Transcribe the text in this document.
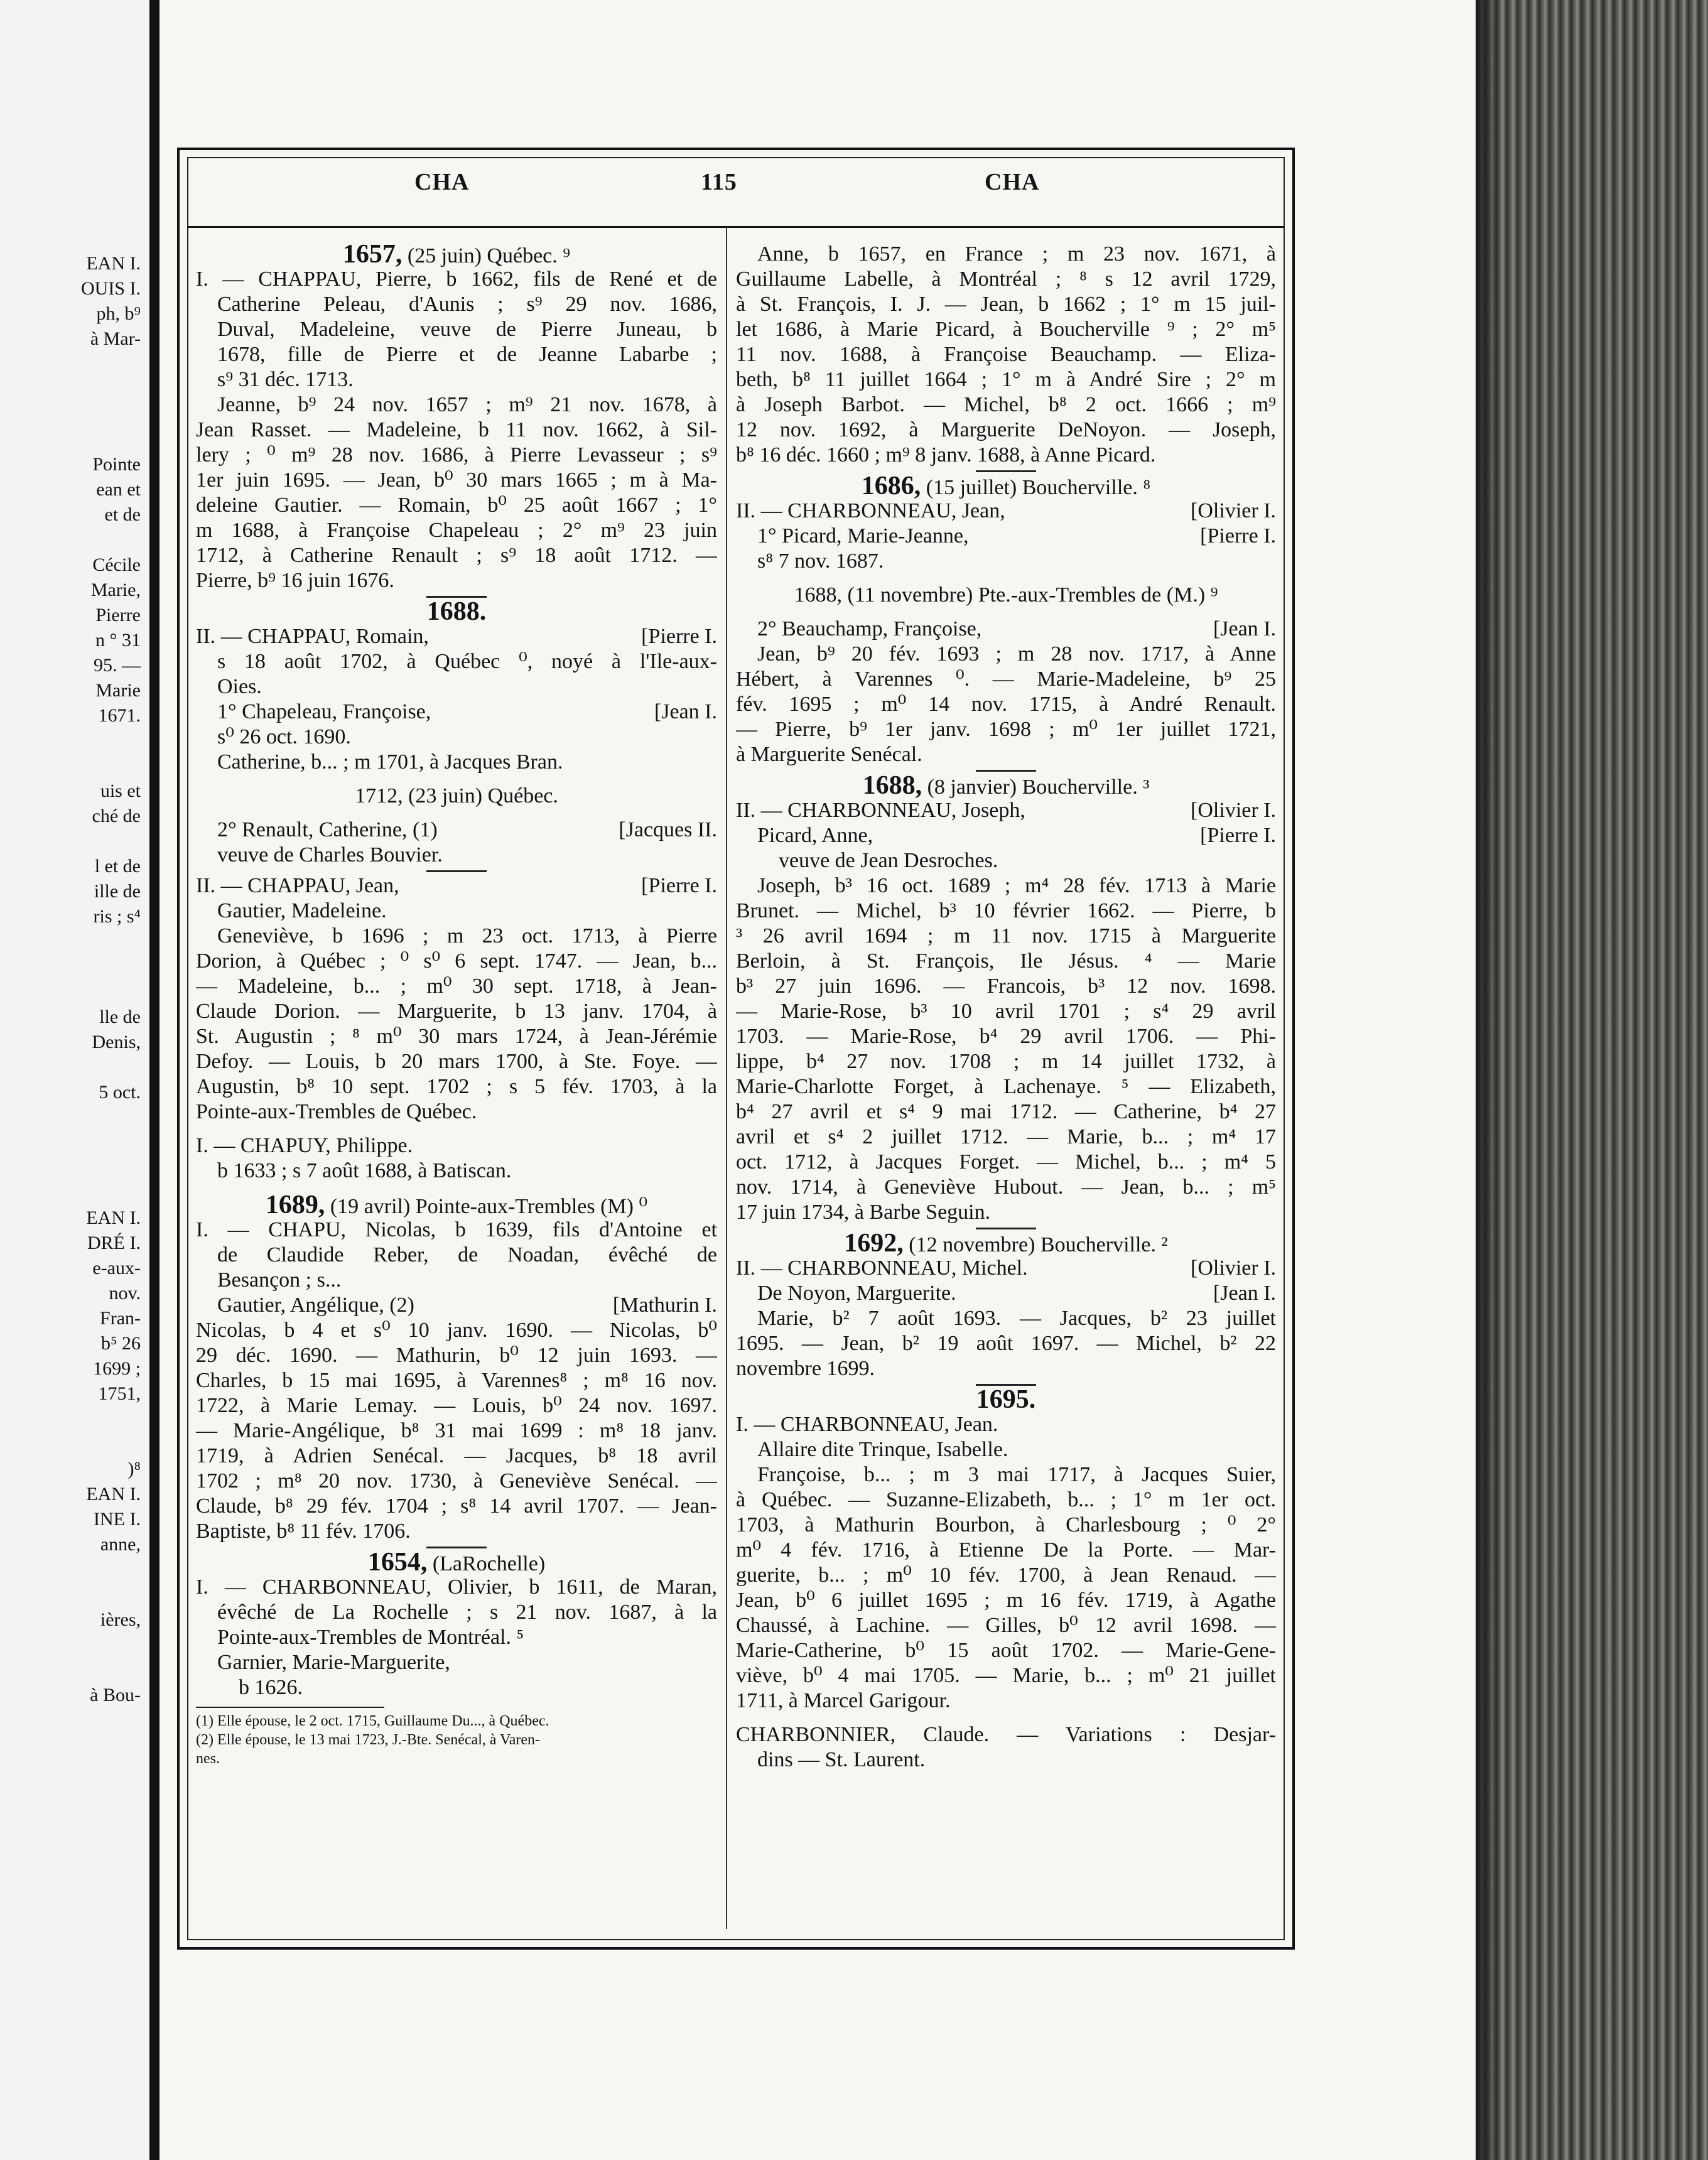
EAN I.
OUIS I.
ph, b⁹
à Mar-
Pointe
ean et
et de
Cécile
Marie,
Pierre
n ° 31
95. —
Marie
1671.
uis et
ché de
l et de
ille de
ris ; s⁴
lle de
Denis,
5 oct.
EAN I.
DRÉ I.
e-aux-
nov.
Fran-
b⁵ 26
1699 ;
1751,
)⁸
EAN I.
INE I.
anne,
ières,
à Bou-
CHA	115	CHA

1657, (25 juin) Québec. ⁹

I. — CHAPPAU, Pierre, b 1662, fils de René et de

Catherine Peleau, d'Aunis ; s⁹ 29 nov. 1686,

Duval, Madeleine, veuve de Pierre Juneau, b

1678, fille de Pierre et de Jeanne Labarbe ;

s⁹ 31 déc. 1713.

Jeanne, b⁹ 24 nov. 1657 ; m⁹ 21 nov. 1678, à

Jean Rasset. — Madeleine, b 11 nov. 1662, à Sil-

lery ; ⁰ m⁹ 28 nov. 1686, à Pierre Levasseur ; s⁹

1er juin 1695. — Jean, b⁰ 30 mars 1665 ; m à Ma-

deleine Gautier. — Romain, b⁰ 25 août 1667 ; 1°

m 1688, à Françoise Chapeleau ; 2° m⁹ 23 juin

1712, à Catherine Renault ; s⁹ 18 août 1712. —

Pierre, b⁹ 16 juin 1676.

1688.

II. — CHAPPAU, Romain,	[Pierre I.

s 18 août 1702, à Québec ⁰, noyé à l'Ile-aux-

Oies.

1° Chapeleau, Françoise,	[Jean I.

s⁰ 26 oct. 1690.

Catherine, b... ; m 1701, à Jacques Bran.

1712, (23 juin) Québec.

2° Renault, Catherine, (1)	[Jacques II.

veuve de Charles Bouvier.

II. — CHAPPAU, Jean,	[Pierre I.

Gautier, Madeleine.

Geneviève, b 1696 ; m 23 oct. 1713, à Pierre

Dorion, à Québec ; ⁰ s⁰ 6 sept. 1747. — Jean, b...

— Madeleine, b... ; m⁰ 30 sept. 1718, à Jean-

Claude Dorion. — Marguerite, b 13 janv. 1704, à

St. Augustin ; ⁸ m⁰ 30 mars 1724, à Jean-Jérémie

Defoy. — Louis, b 20 mars 1700, à Ste. Foye. —

Augustin, b⁸ 10 sept. 1702 ; s 5 fév. 1703, à la

Pointe-aux-Trembles de Québec.

I. — CHAPUY, Philippe.

b 1633 ; s 7 août 1688, à Batiscan.

1689, (19 avril) Pointe-aux-Trembles (M) ⁰

I. — CHAPU, Nicolas, b 1639, fils d'Antoine et

de Claudide Reber, de Noadan, évêché de

Besançon ; s...

Gautier, Angélique, (2)	[Mathurin I.

Nicolas, b 4 et s⁰ 10 janv. 1690. — Nicolas, b⁰

29 déc. 1690. — Mathurin, b⁰ 12 juin 1693. —

Charles, b 15 mai 1695, à Varennes⁸ ; m⁸ 16 nov.

1722, à Marie Lemay. — Louis, b⁰ 24 nov. 1697.

— Marie-Angélique, b⁸ 31 mai 1699 : m⁸ 18 janv.

1719, à Adrien Senécal. — Jacques, b⁸ 18 avril

1702 ; m⁸ 20 nov. 1730, à Geneviève Senécal. —

Claude, b⁸ 29 fév. 1704 ; s⁸ 14 avril 1707. — Jean-

Baptiste, b⁸ 11 fév. 1706.

1654, (LaRochelle)

I. — CHARBONNEAU, Olivier, b 1611, de Maran,

évêché de La Rochelle ; s 21 nov. 1687, à la

Pointe-aux-Trembles de Montréal. ⁵

Garnier, Marie-Marguerite,

b 1626.

(1) Elle épouse, le 2 oct. 1715, Guillaume Du..., à Québec.

(2) Elle épouse, le 13 mai 1723, J.-Bte. Senécal, à Varen-

nes.

Anne, b 1657, en France ; m 23 nov. 1671, à

Guillaume Labelle, à Montréal ; ⁸ s 12 avril 1729,

à St. François, I. J. — Jean, b 1662 ; 1° m 15 juil-

let 1686, à Marie Picard, à Boucherville ⁹ ; 2° m⁵

11 nov. 1688, à Françoise Beauchamp. — Eliza-

beth, b⁸ 11 juillet 1664 ; 1° m à André Sire ; 2° m

à Joseph Barbot. — Michel, b⁸ 2 oct. 1666 ; m⁹

12 nov. 1692, à Marguerite DeNoyon. — Joseph,

b⁸ 16 déc. 1660 ; m⁹ 8 janv. 1688, à Anne Picard.

1686, (15 juillet) Boucherville. ⁸

II. — CHARBONNEAU, Jean,	[Olivier I.

1° Picard, Marie-Jeanne,	[Pierre I.

s⁸ 7 nov. 1687.

1688, (11 novembre) Pte.-aux-Trembles de (M.) ⁹

2° Beauchamp, Françoise,	[Jean I.

Jean, b⁹ 20 fév. 1693 ; m 28 nov. 1717, à Anne

Hébert, à Varennes ⁰. — Marie-Madeleine, b⁹ 25

fév. 1695 ; m⁰ 14 nov. 1715, à André Renault.

— Pierre, b⁹ 1er janv. 1698 ; m⁰ 1er juillet 1721,

à Marguerite Senécal.

1688, (8 janvier) Boucherville. ³

II. — CHARBONNEAU, Joseph,	[Olivier I.

Picard, Anne,	[Pierre I.

veuve de Jean Desroches.

Joseph, b³ 16 oct. 1689 ; m⁴ 28 fév. 1713 à Marie

Brunet. — Michel, b³ 10 février 1662. — Pierre, b

³ 26 avril 1694 ; m 11 nov. 1715 à Marguerite

Berloin, à St. François, Ile Jésus. ⁴ — Marie

b³ 27 juin 1696. — Francois, b³ 12 nov. 1698.

— Marie-Rose, b³ 10 avril 1701 ; s⁴ 29 avril

1703. — Marie-Rose, b⁴ 29 avril 1706. — Phi-

lippe, b⁴ 27 nov. 1708 ; m 14 juillet 1732, à

Marie-Charlotte Forget, à Lachenaye. ⁵ — Elizabeth,

b⁴ 27 avril et s⁴ 9 mai 1712. — Catherine, b⁴ 27

avril et s⁴ 2 juillet 1712. — Marie, b... ; m⁴ 17

oct. 1712, à Jacques Forget. — Michel, b... ; m⁴ 5

nov. 1714, à Geneviève Hubout. — Jean, b... ; m⁵

17 juin 1734, à Barbe Seguin.

1692, (12 novembre) Boucherville. ²

II. — CHARBONNEAU, Michel.	[Olivier I.

De Noyon, Marguerite.	[Jean I.

Marie, b² 7 août 1693. — Jacques, b² 23 juillet

1695. — Jean, b² 19 août 1697. — Michel, b² 22

novembre 1699.

1695.

I. — CHARBONNEAU, Jean.

Allaire dite Trinque, Isabelle.

Françoise, b... ; m 3 mai 1717, à Jacques Suier,

à Québec. — Suzanne-Elizabeth, b... ; 1° m 1er oct.

1703, à Mathurin Bourbon, à Charlesbourg ; ⁰ 2°

m⁰ 4 fév. 1716, à Etienne De la Porte. — Mar-

guerite, b... ; m⁰ 10 fév. 1700, à Jean Renaud. —

Jean, b⁰ 6 juillet 1695 ; m 16 fév. 1719, à Agathe

Chaussé, à Lachine. — Gilles, b⁰ 12 avril 1698. —

Marie-Catherine, b⁰ 15 août 1702. — Marie-Gene-

viève, b⁰ 4 mai 1705. — Marie, b... ; m⁰ 21 juillet

1711, à Marcel Garigour.

CHARBONNIER, Claude. — Variations : Desjar-

dins — St. Laurent.
